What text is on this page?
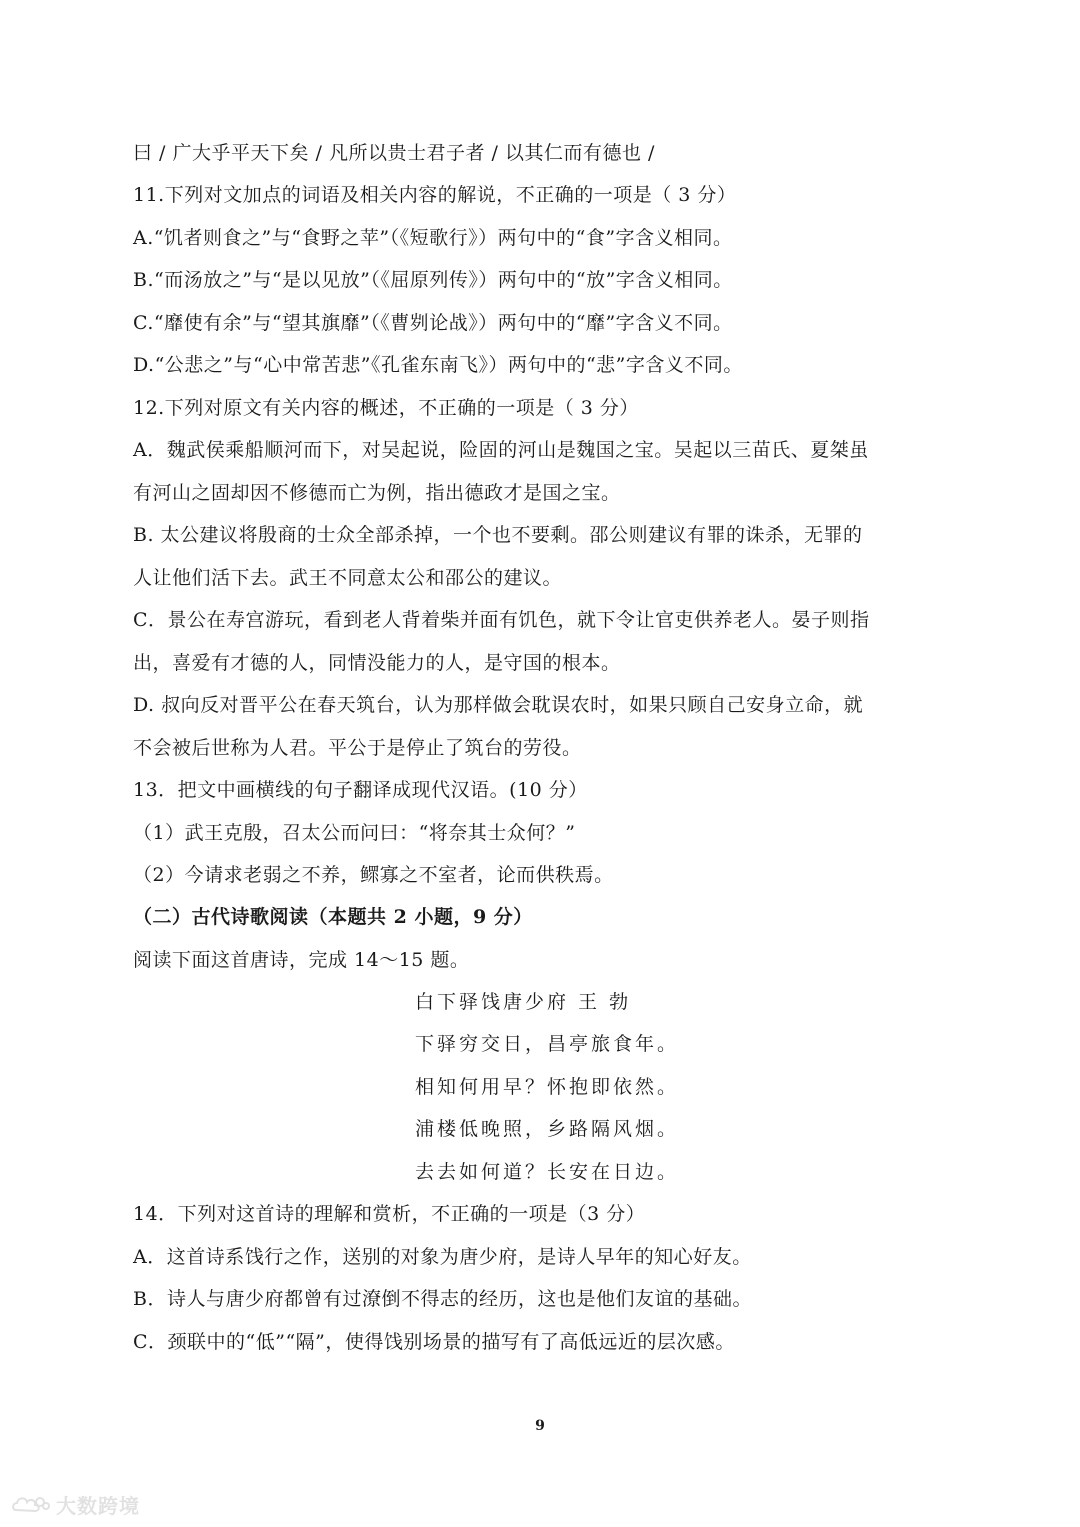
曰 / 广大乎平天下矣 / 凡所以贵士君子者 / 以其仁而有德也 /
11.下列对文加点的词语及相关内容的解说，不正确的一项是（ 3 分）
A.“饥者则食之”与“食野之苹”（《短歌行》）两句中的“食”字含义相同。
B.“而汤放之”与“是以见放”（《屈原列传》）两句中的“放”字含义相同。
C.“靡使有余”与“望其旗靡”（《曹刿论战》）两句中的“靡”字含义不同。
D.“公悲之”与“心中常苦悲”《孔雀东南飞》）两句中的“悲”字含义不同。
12.下列对原文有关内容的概述，不正确的一项是（ 3 分）
A．魏武侯乘船顺河而下，对吴起说，险固的河山是魏国之宝。吴起以三苗氏、夏桀虽
有河山之固却因不修德而亡为例，指出德政才是国之宝。
B. 太公建议将殷商的士众全部杀掉，一个也不要剩。邵公则建议有罪的诛杀，无罪的
人让他们活下去。武王不同意太公和邵公的建议。
C．景公在寿宫游玩，看到老人背着柴并面有饥色，就下令让官吏供养老人。晏子则指
出，喜爱有才德的人，同情没能力的人，是守国的根本。
D. 叔向反对晋平公在春天筑台，认为那样做会耽误农时，如果只顾自己安身立命，就
不会被后世称为人君。平公于是停止了筑台的劳役。
13．把文中画横线的句子翻译成现代汉语。(10 分）
（1）武王克殷，召太公而问曰：“将奈其士众何？”
（2）今请求老弱之不养，鳏寡之不室者，论而供秩焉。
（二）古代诗歌阅读（本题共 2 小题，9 分）
阅读下面这首唐诗，完成 14～15 题。
白下驿饯唐少府 王 勃
下驿穷交日，昌亭旅食年。
相知何用早？怀抱即依然。
浦楼低晚照，乡路隔风烟。
去去如何道？长安在日边。
14．下列对这首诗的理解和赏析，不正确的一项是（3 分）
A．这首诗系饯行之作，送别的对象为唐少府，是诗人早年的知心好友。
B．诗人与唐少府都曾有过潦倒不得志的经历，这也是他们友谊的基础。
C．颈联中的“低”“隔”，使得饯别场景的描写有了高低远近的层次感。
9
大数跨境
